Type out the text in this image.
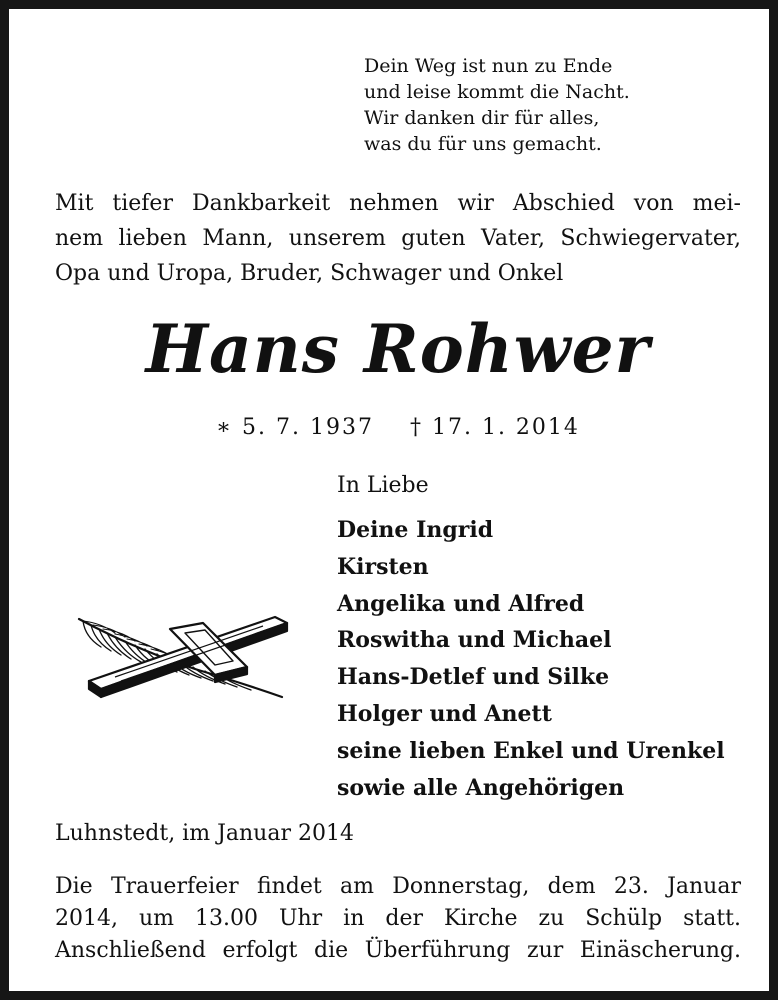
Dein Weg ist nun zu Ende
und leise kommt die Nacht.
Wir danken dir für alles,
was du für uns gemacht.
Mit tiefer Dankbarkeit nehmen wir Abschied von mei-
nem lieben Mann, unserem guten Vater, Schwiegervater,
Opa und Uropa, Bruder, Schwager und Onkel
Hans Rohwer
∗ 5. 7. 1937 † 17. 1. 2014
In Liebe
Deine Ingrid
Kirsten
Angelika und Alfred
Roswitha und Michael
Hans-Detlef und Silke
Holger und Anett
seine lieben Enkel und Urenkel
sowie alle Angehörigen
Luhnstedt, im Januar 2014
Die Trauerfeier findet am Donnerstag, dem 23. Januar
2014, um 13.00 Uhr in der Kirche zu Schülp statt.
Anschließend erfolgt die Überführung zur Einäscherung.
